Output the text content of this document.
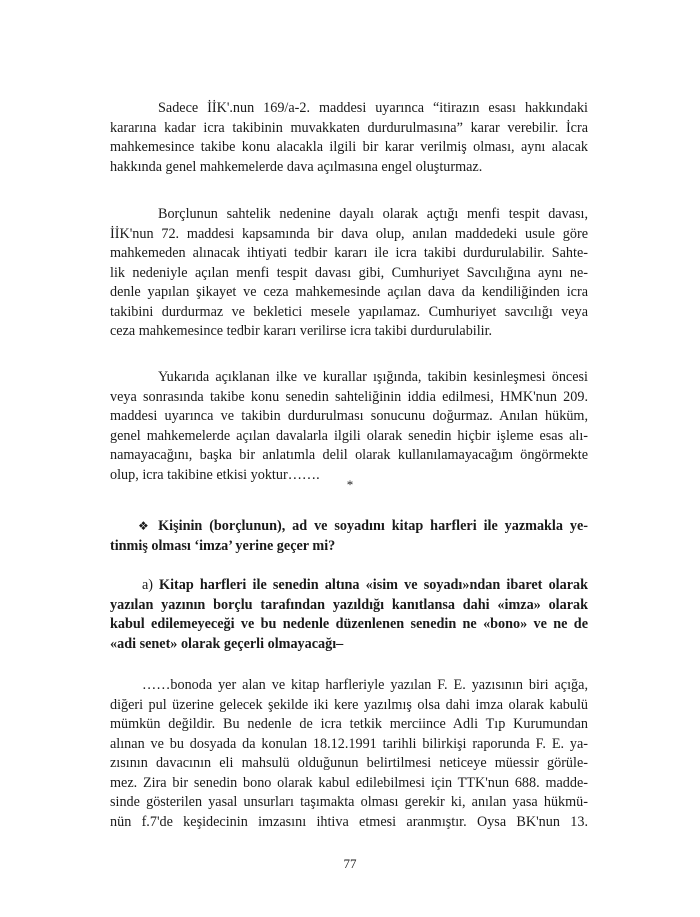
Sadece İİK'.nun 169/a-2. maddesi uyarınca “itirazın esası hakkındaki
kararına kadar icra takibinin muvakkaten durdurulmasına” karar verebilir. İcra
mahkemesince takibe konu alacakla ilgili bir karar verilmiş olması, aynı alacak
hakkında genel mahkemelerde dava açılmasına engel oluşturmaz.
Borçlunun sahtelik nedenine dayalı olarak açtığı menfi tespit davası,
İİK'nun 72. maddesi kapsamında bir dava olup, anılan maddedeki usule göre
mahkemeden alınacak ihtiyati tedbir kararı ile icra takibi durdurulabilir. Sahte-
lik nedeniyle açılan menfi tespit davası gibi, Cumhuriyet Savcılığına aynı ne-
denle yapılan şikayet ve ceza mahkemesinde açılan dava da kendiliğinden icra
takibini durdurmaz ve bekletici mesele yapılamaz. Cumhuriyet savcılığı veya
ceza mahkemesince tedbir kararı verilirse icra takibi durdurulabilir.
Yukarıda açıklanan ilke ve kurallar ışığında, takibin kesinleşmesi öncesi
veya sonrasında takibe konu senedin sahteliğinin iddia edilmesi, HMK'nun 209.
maddesi uyarınca ve takibin durdurulması sonucunu doğurmaz. Anılan hüküm,
genel mahkemelerde açılan davalarla ilgili olarak senedin hiçbir işleme esas alı-
namayacağını, başka bir anlatımla delil olarak kullanılamayacağım öngörmekte
olup, icra takibine etkisi yoktur…….
*
❖ Kişinin (borçlunun), ad ve soyadını kitap harfleri ile yazmakla ye-
tinmiş olması ‘imza’ yerine geçer mi?
a) Kitap harfleri ile senedin altına «isim ve soyadı»ndan ibaret olarak
yazılan yazının borçlu tarafından yazıldığı kanıtlansa dahi «imza» olarak
kabul edilemeyeceği ve bu nedenle düzenlenen senedin ne «bono» ve ne de
«adi senet» olarak geçerli olmayacağı–
……bonoda yer alan ve kitap harfleriyle yazılan F. E. yazısının biri açığa,
diğeri pul üzerine gelecek şekilde iki kere yazılmış olsa dahi imza olarak kabulü
mümkün değildir. Bu nedenle de icra tetkik merciince Adli Tıp Kurumundan
alınan ve bu dosyada da konulan 18.12.1991 tarihli bilirkişi raporunda F. E. ya-
zısının davacının eli mahsulü olduğunun belirtilmesi neticeye müessir görüle-
mez. Zira bir senedin bono olarak kabul edilebilmesi için TTK'nun 688. madde-
sinde gösterilen yasal unsurları taşımakta olması gerekir ki, anılan yasa hükmü-
nün f.7'de keşidecinin imzasını ihtiva etmesi aranmıştır. Oysa BK'nun 13.
77
